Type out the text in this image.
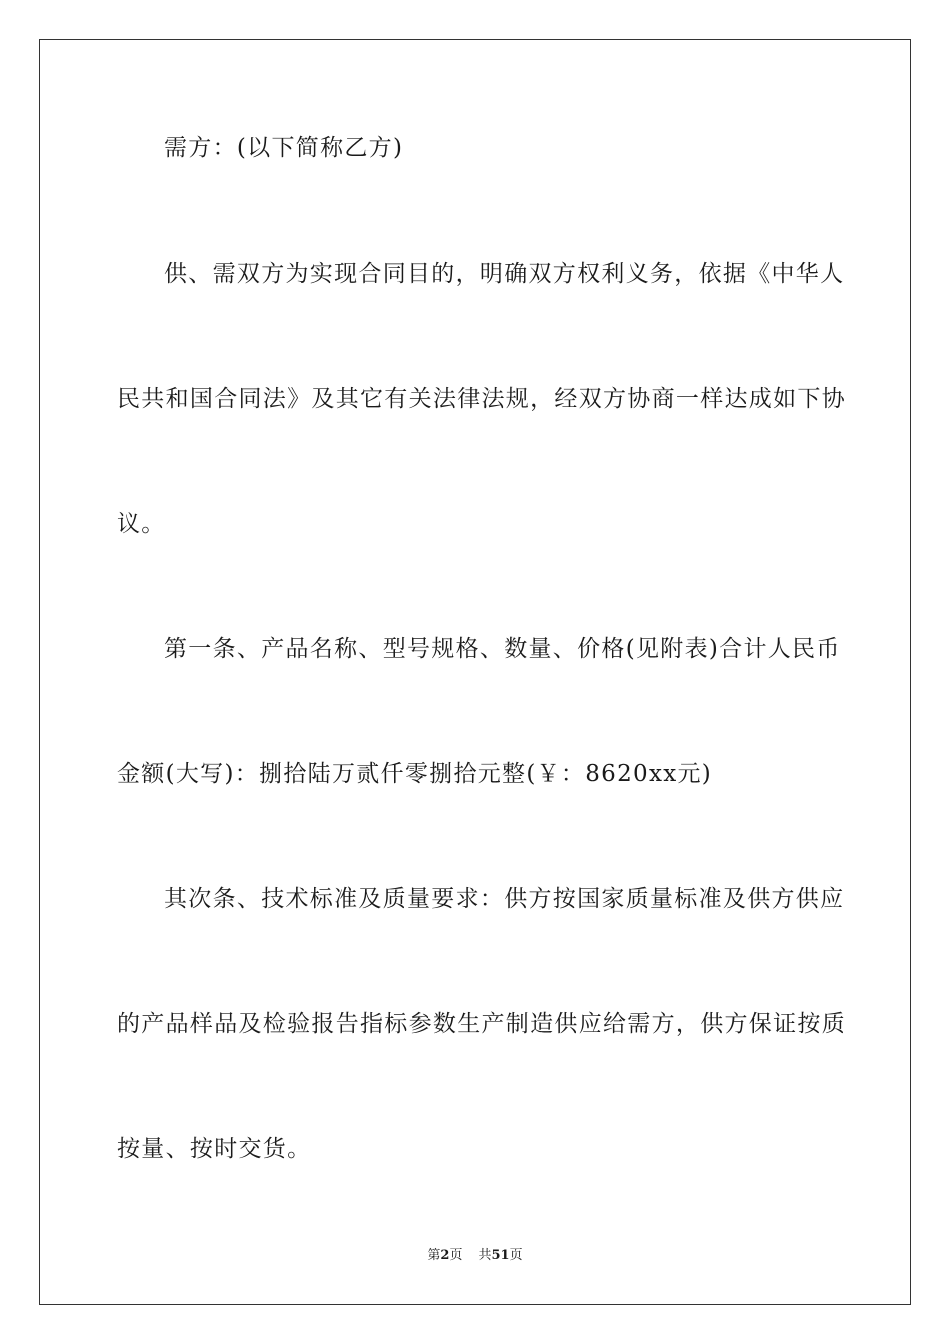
需方：(以下简称乙方)
供、需双方为实现合同目的，明确双方权利义务，依据《中华人
民共和国合同法》及其它有关法律法规，经双方协商一样达成如下协
议。
第一条、产品名称、型号规格、数量、价格(见附表)合计人民币
金额(大写)：捌拾陆万贰仟零捌拾元整(￥：8620xx元)
其次条、技术标准及质量要求：供方按国家质量标准及供方供应
的产品样品及检验报告指标参数生产制造供应给需方，供方保证按质
按量、按时交货。
第2页 共51页
